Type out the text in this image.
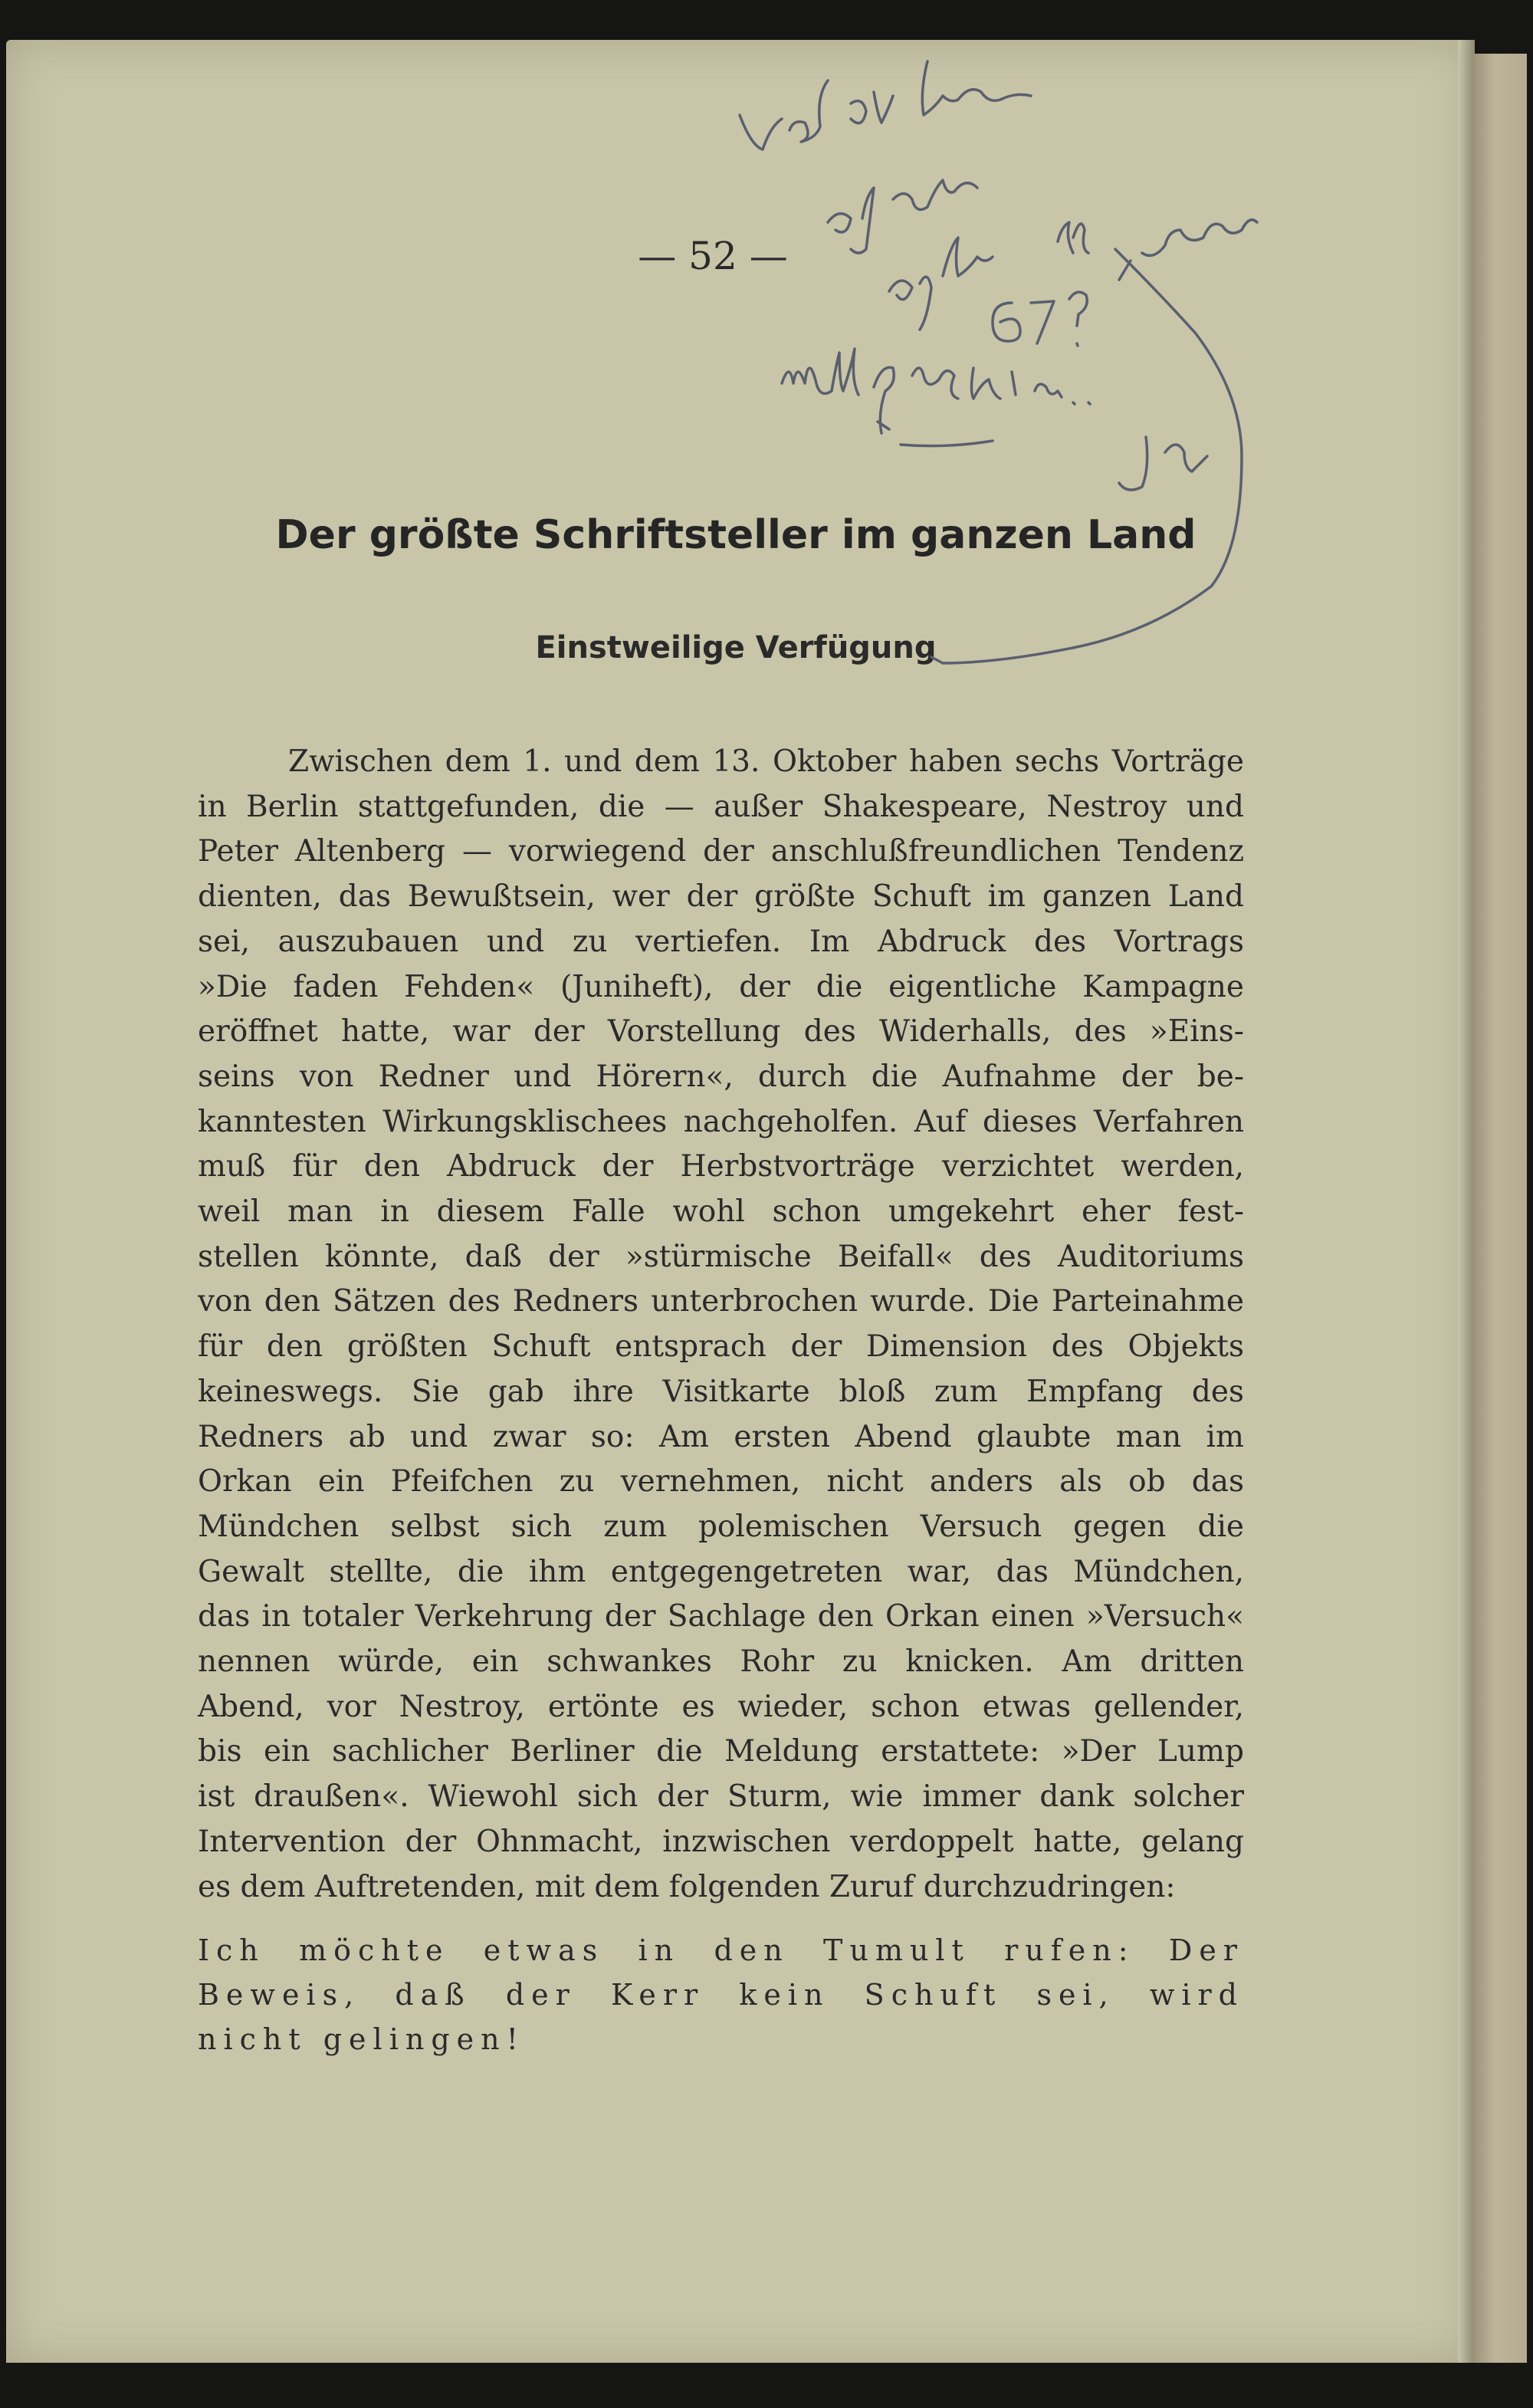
— 52 —
Der größte Schriftsteller im ganzen Land
Einstweilige Verfügung
Zwischen dem 1. und dem 13. Oktober haben sechs Vorträge
in Berlin stattgefunden, die — außer Shakespeare, Nestroy und
Peter Altenberg — vorwiegend der anschlußfreundlichen Tendenz
dienten, das Bewußtsein, wer der größte Schuft im ganzen Land
sei, auszubauen und zu vertiefen. Im Abdruck des Vortrags
»Die faden Fehden« (Juniheft), der die eigentliche Kampagne
eröffnet hatte, war der Vorstellung des Widerhalls, des »Eins-
seins von Redner und Hörern«, durch die Aufnahme der be-
kanntesten Wirkungsklischees nachgeholfen. Auf dieses Verfahren
muß für den Abdruck der Herbstvorträge verzichtet werden,
weil man in diesem Falle wohl schon umgekehrt eher fest-
stellen könnte, daß der »stürmische Beifall« des Auditoriums
von den Sätzen des Redners unterbrochen wurde. Die Parteinahme
für den größten Schuft entsprach der Dimension des Objekts
keineswegs. Sie gab ihre Visitkarte bloß zum Empfang des
Redners ab und zwar so: Am ersten Abend glaubte man im
Orkan ein Pfeifchen zu vernehmen, nicht anders als ob das
Mündchen selbst sich zum polemischen Versuch gegen die
Gewalt stellte, die ihm entgegengetreten war, das Mündchen,
das in totaler Verkehrung der Sachlage den Orkan einen »Versuch«
nennen würde, ein schwankes Rohr zu knicken. Am dritten
Abend, vor Nestroy, ertönte es wieder, schon etwas gellender,
bis ein sachlicher Berliner die Meldung erstattete: »Der Lump
ist draußen«. Wiewohl sich der Sturm, wie immer dank solcher
Intervention der Ohnmacht, inzwischen verdoppelt hatte, gelang
es dem Auftretenden, mit dem folgenden Zuruf durchzudringen:
Ich möchte etwas in den Tumult rufen: Der
Beweis, daß der Kerr kein Schuft sei, wird
nicht gelingen!
